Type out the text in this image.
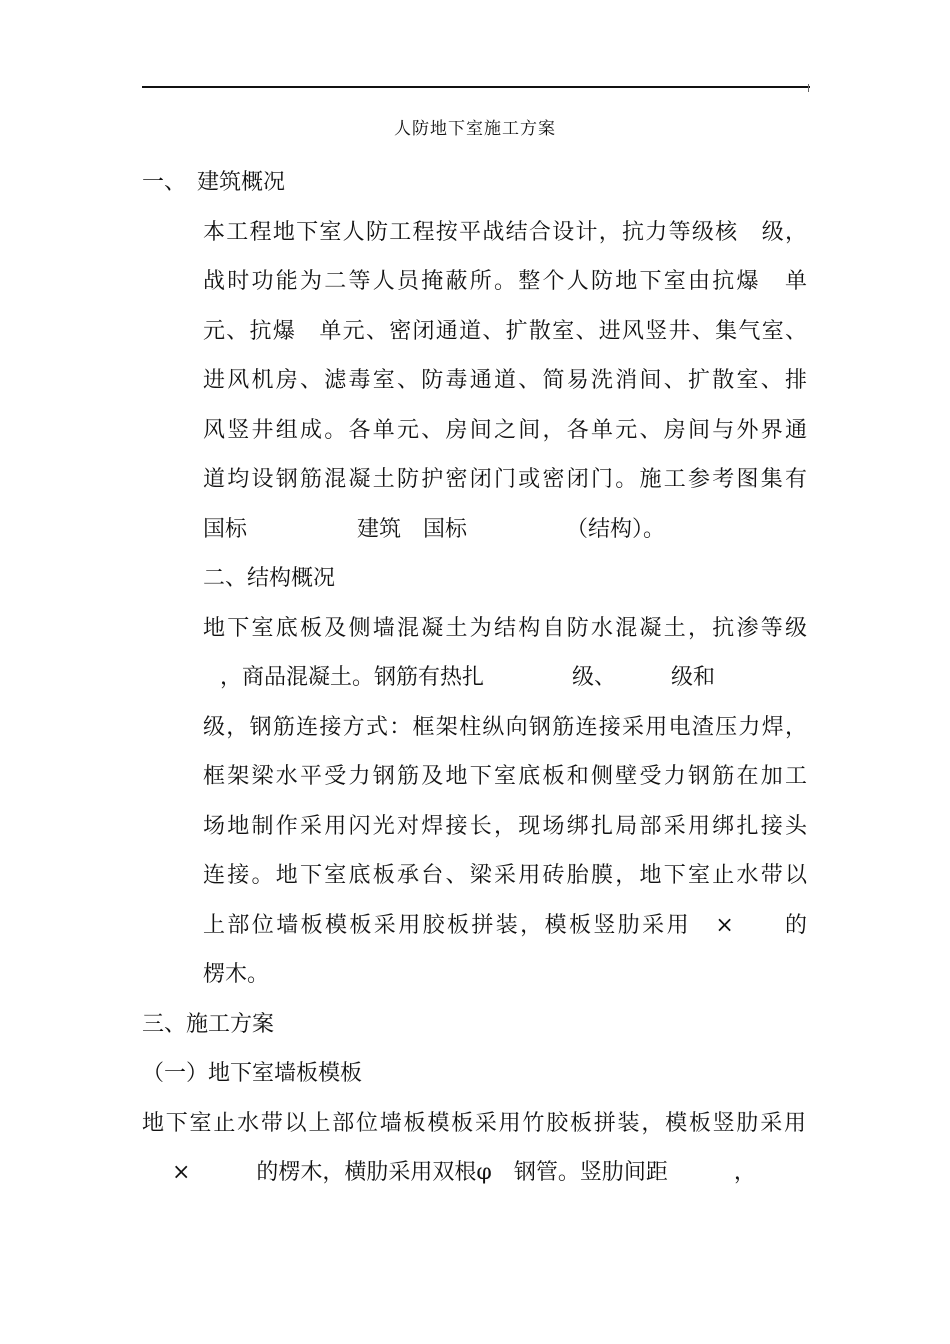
人防地下室施工方案
一、　建筑概况
本工程地下室人防工程按平战结合设计，抗力等级核　级，
战时功能为二等人员掩蔽所。整个人防地下室由抗爆　单
元、抗爆　单元、密闭通道、扩散室、进风竖井、集气室、
进风机房、滤毒室、防毒通道、简易洗消间、扩散室、排
风竖井组成。各单元、房间之间，各单元、房间与外界通
道均设钢筋混凝土防护密闭门或密闭门。施工参考图集有
国标　　　　　建筑　国标　　　　　（结构）。
二、结构概况
地下室底板及侧墙混凝土为结构自防水混凝土，抗渗等级
，商品混凝土。钢筋有热扎　　　　级、　　　级和
级，钢筋连接方式：框架柱纵向钢筋连接采用电渣压力焊，
框架梁水平受力钢筋及地下室底板和侧壁受力钢筋在加工
场地制作采用闪光对焊接长，现场绑扎局部采用绑扎接头
连接。地下室底板承台、梁采用砖胎膜，地下室止水带以
上部位墙板模板采用胶板拼装，模板竖肋采用　×　　的
楞木。
三、施工方案
（一）地下室墙板模板
地下室止水带以上部位墙板模板采用竹胶板拼装，模板竖肋采用
×　　　的楞木，横肋采用双根φ　钢管。竖肋间距　　　，
